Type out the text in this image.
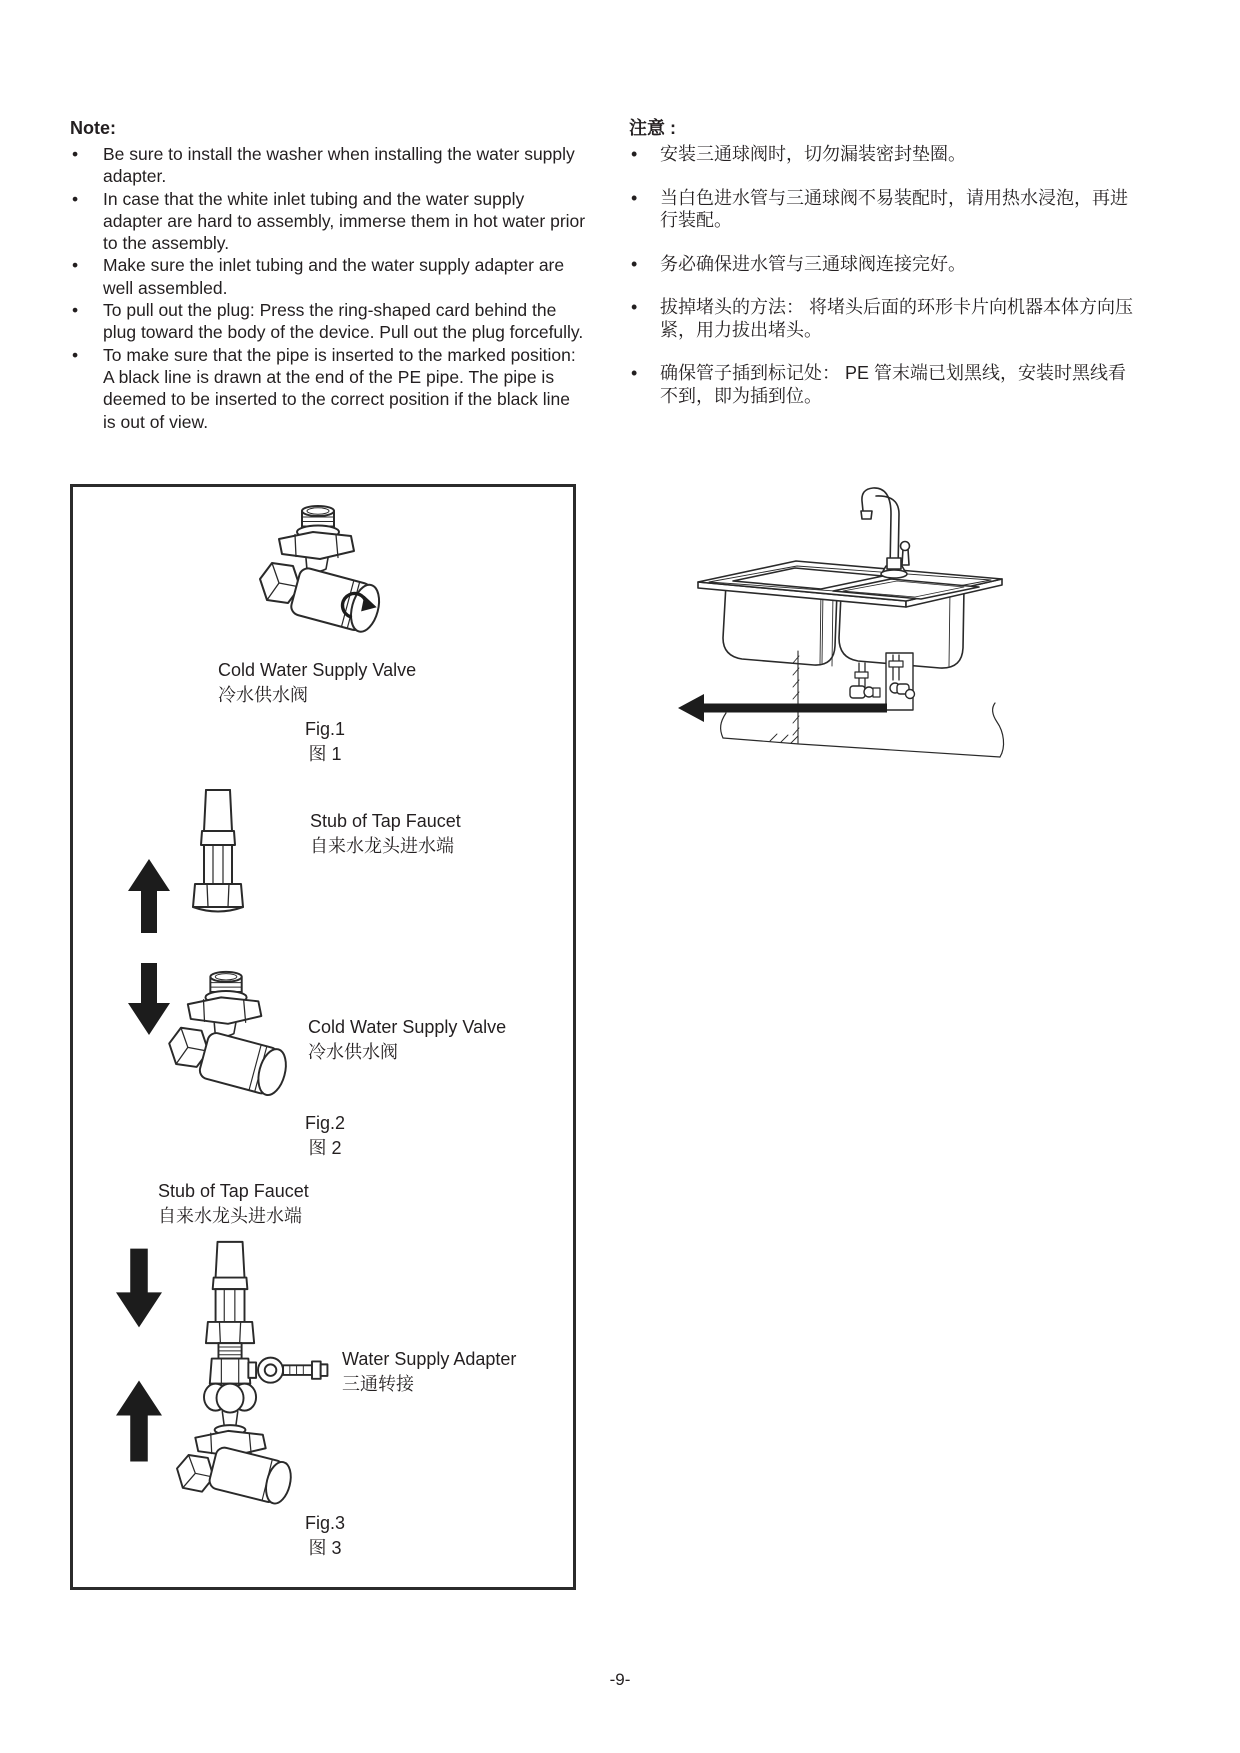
Note:
• Be sure to install the washer when installing the water supply adapter.
• In case that the white inlet tubing and the water supply adapter are hard to assembly, immerse them in hot water prior to the assembly.
• Make sure the inlet tubing and the water supply adapter are well assembled.
• To pull out the plug: Press the ring-shaped card behind the plug toward the body of the device. Pull out the plug forcefully.
• To make sure that the pipe is inserted to the marked position: A black line is drawn at the end of the PE pipe. The pipe is deemed to be inserted to the correct position if the black line is out of view.
注意 :
• 安装三通球阀时，切勿漏装密封垫圈。
• 当白色进水管与三通球阀不易装配时，请用热水浸泡，再进行装配。
• 务必确保进水管与三通球阀连接完好。
• 拔掉堵头的方法： 将堵头后面的环形卡片向机器本体方向压紧，用力拔出堵头。
• 确保管子插到标记处： PE 管末端已划黑线，安装时黑线看不到，即为插到位。
Cold Water Supply Valve
冷水供水阀
Fig.1
图 1
Stub of Tap Faucet
自来水龙头进水端
Cold Water Supply Valve
冷水供水阀
Fig.2
图 2
Stub of Tap Faucet
自来水龙头进水端
Water Supply Adapter
三通转接
Fig.3
图 3
-9-
